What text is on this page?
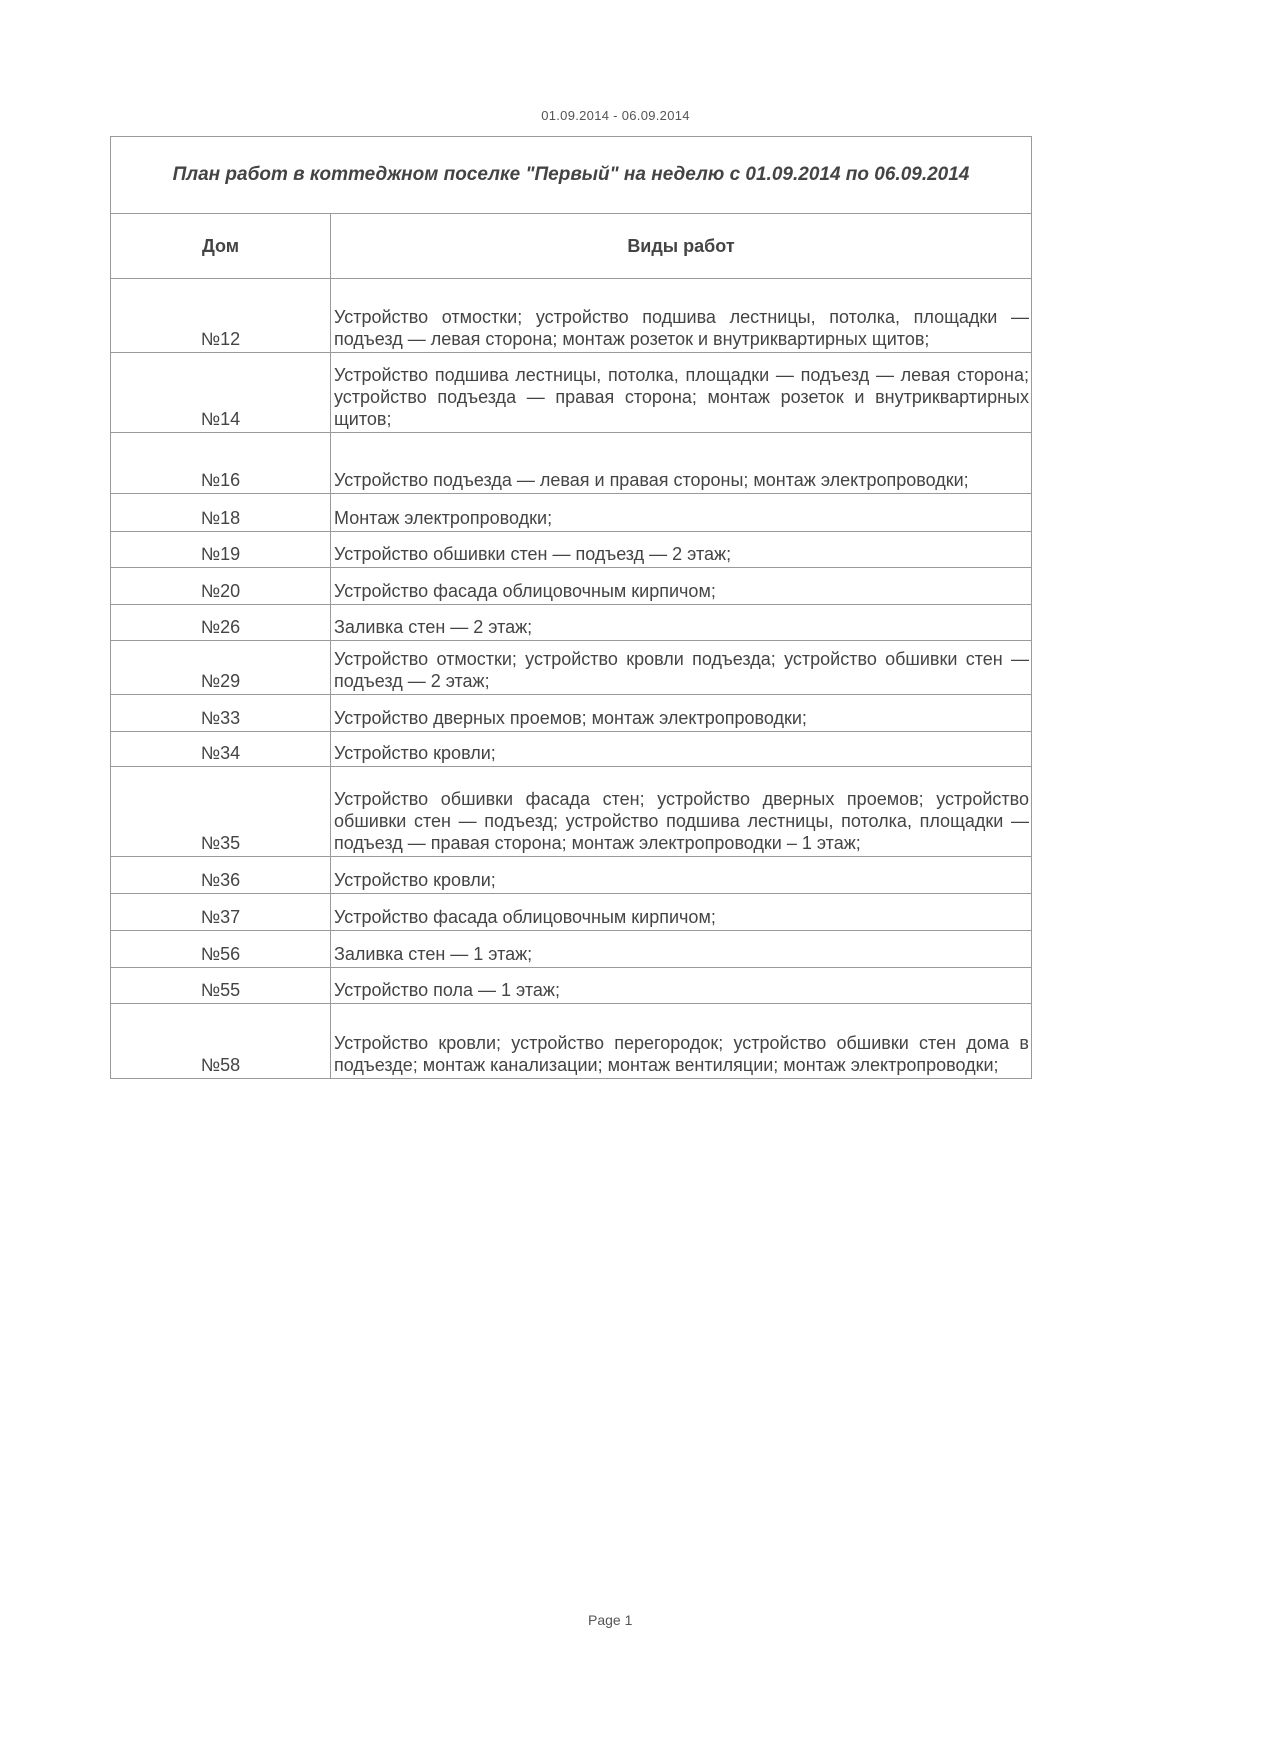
01.09.2014 - 06.09.2014
План работ в коттеджном поселке "Первый" на неделю с 01.09.2014 по 06.09.2014	
Дом	Виды работ
№12	Устройство отмостки; устройство подшива лестницы, потолка, площадки — подъезд — левая сторона; монтаж розеток и внутриквартирных щитов;
№14	Устройство подшива лестницы, потолка, площадки — подъезд — левая сторона; устройство подъезда — правая сторона; монтаж розеток и внутриквартирных щитов;
№16	Устройство подъезда — левая и правая стороны; монтаж электропроводки;
№18	Монтаж электропроводки;
№19	Устройство обшивки стен — подъезд — 2 этаж;
№20	Устройство фасада облицовочным кирпичом;
№26	Заливка стен — 2 этаж;
№29	Устройство отмостки; устройство кровли подъезда; устройство обшивки стен — подъезд — 2 этаж;
№33	Устройство дверных проемов; монтаж электропроводки;
№34	Устройство кровли;
№35	Устройство обшивки фасада стен; устройство дверных проемов; устройство обшивки стен — подъезд; устройство подшива лестницы, потолка, площадки — подъезд — правая сторона; монтаж электропроводки – 1 этаж;
№36	Устройство кровли;
№37	Устройство фасада облицовочным кирпичом;
№56	Заливка стен — 1 этаж;
№55	Устройство пола — 1 этаж;
№58	Устройство кровли; устройство перегородок; устройство обшивки стен дома в подъезде; монтаж канализации; монтаж вентиляции; монтаж электропроводки;
Page 1
